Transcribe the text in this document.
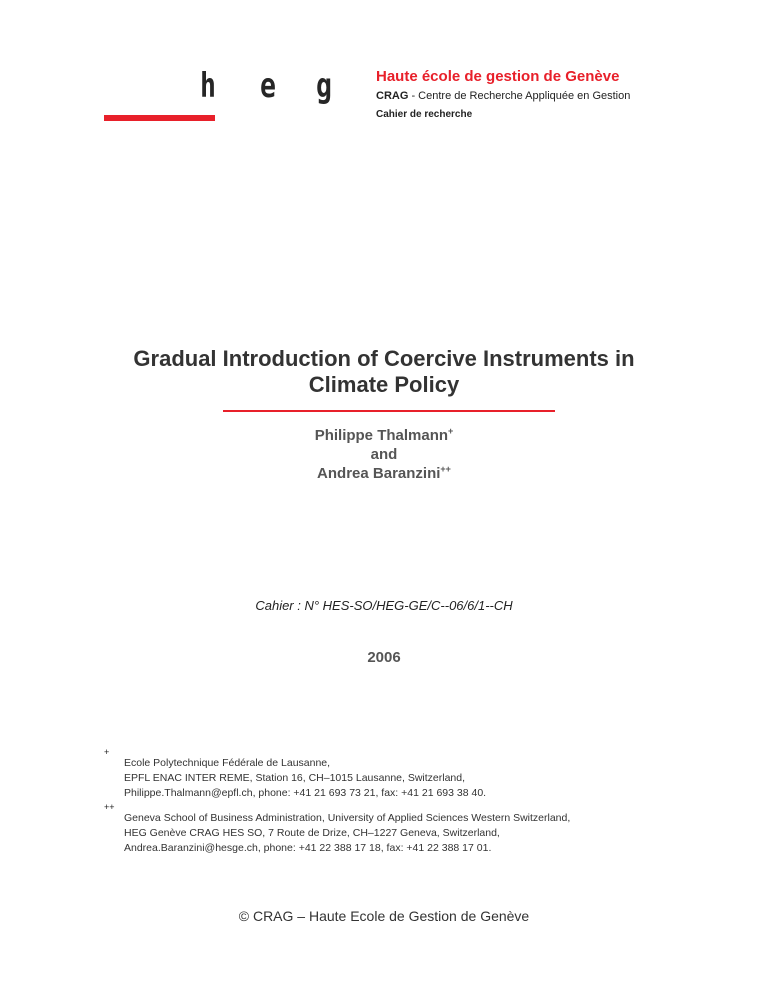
h e g	Haute école de gestion de Genève
CRAG - Centre de Recherche Appliquée en Gestion
Cahier de recherche
Gradual Introduction of Coercive Instruments in
Climate Policy
Philippe Thalmann+
and
Andrea Baranzini++
Cahier : N° HES-SO/HEG-GE/C--06/6/1--CH
2006
+
Ecole Polytechnique Fédérale de Lausanne,
EPFL ENAC INTER REME, Station 16, CH–1015 Lausanne, Switzerland,
Philippe.Thalmann@epfl.ch, phone: +41 21 693 73 21, fax: +41 21 693 38 40.
++
Geneva School of Business Administration, University of Applied Sciences Western Switzerland,
HEG Genève CRAG HES SO, 7 Route de Drize, CH–1227 Geneva, Switzerland,
Andrea.Baranzini@hesge.ch, phone: +41 22 388 17 18, fax: +41 22 388 17 01.
© CRAG – Haute Ecole de Gestion de Genève
